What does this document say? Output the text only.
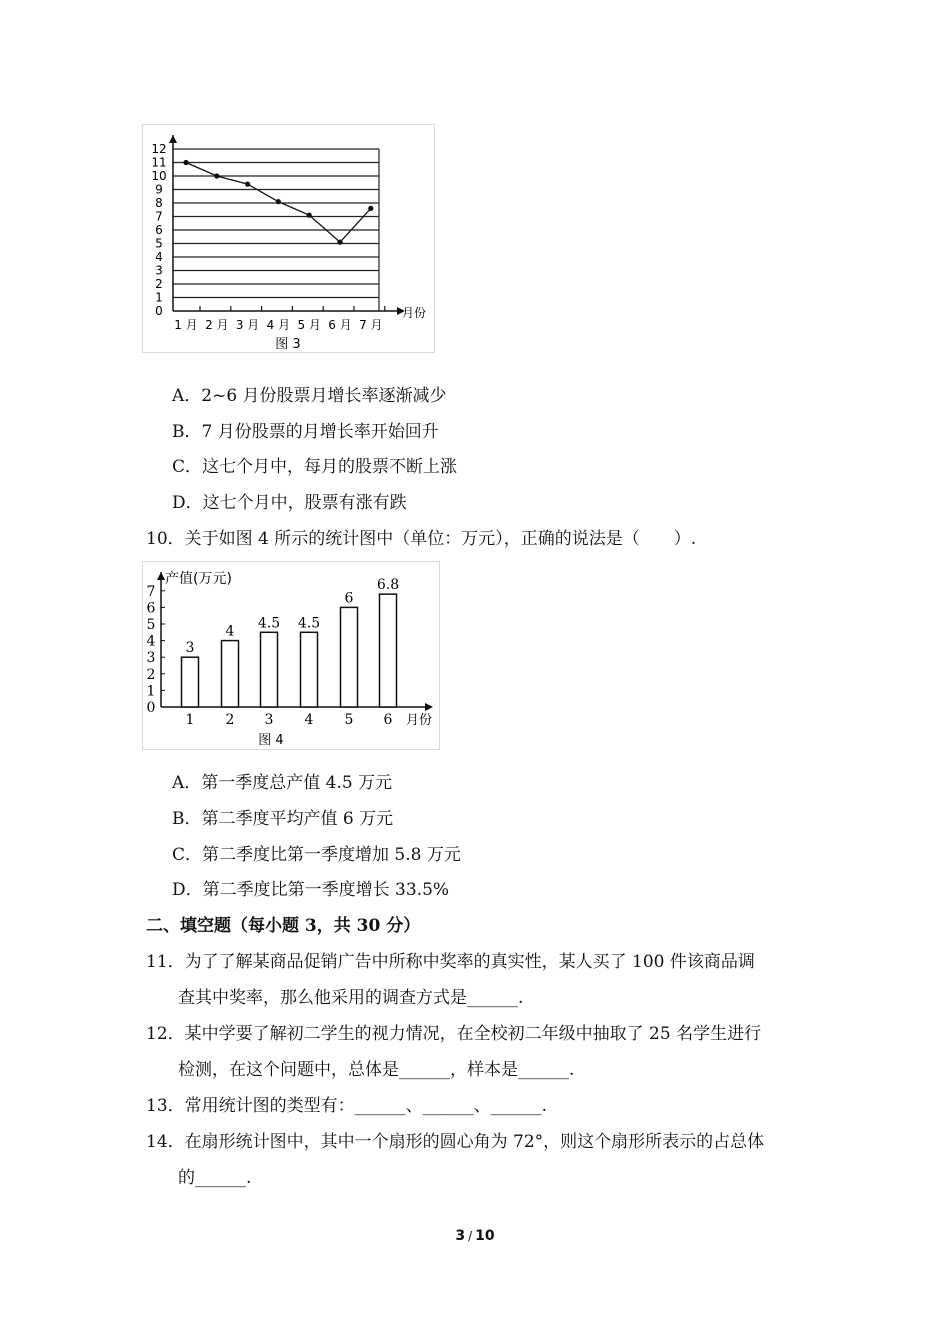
0
1
2
3
4
5
6
7
8
9
10
11
12
1 月 2 月 3 月 4 月 5 月 6 月 7 月
月份
图 3
A．2~6 月份股票月增长率逐渐减少
B．7 月份股票的月增长率开始回升
C．这七个月中，每月的股票不断上涨
D．这七个月中，股票有涨有跌
10．关于如图 4 所示的统计图中（单位：万元），正确的说法是（　　）.
产值(万元)
0
1
2
3
4
5
6
7
3
1
4
2
4.5
3
4.5
4
6
5
6.8
6 月份
图 4
A．第一季度总产值 4.5 万元
B．第二季度平均产值 6 万元
C．第二季度比第一季度增加 5.8 万元
D．第二季度比第一季度增长 33.5%
二、填空题（每小题 3，共 30 分）
11．为了了解某商品促销广告中所称中奖率的真实性，某人买了 100 件该商品调
查其中奖率，那么他采用的调查方式是______.
12．某中学要了解初二学生的视力情况，在全校初二年级中抽取了 25 名学生进行
检测，在这个问题中，总体是______，样本是______.
13．常用统计图的类型有：______、______、______.
14．在扇形统计图中，其中一个扇形的圆心角为 72°，则这个扇形所表示的占总体
的______.
3 / 10
